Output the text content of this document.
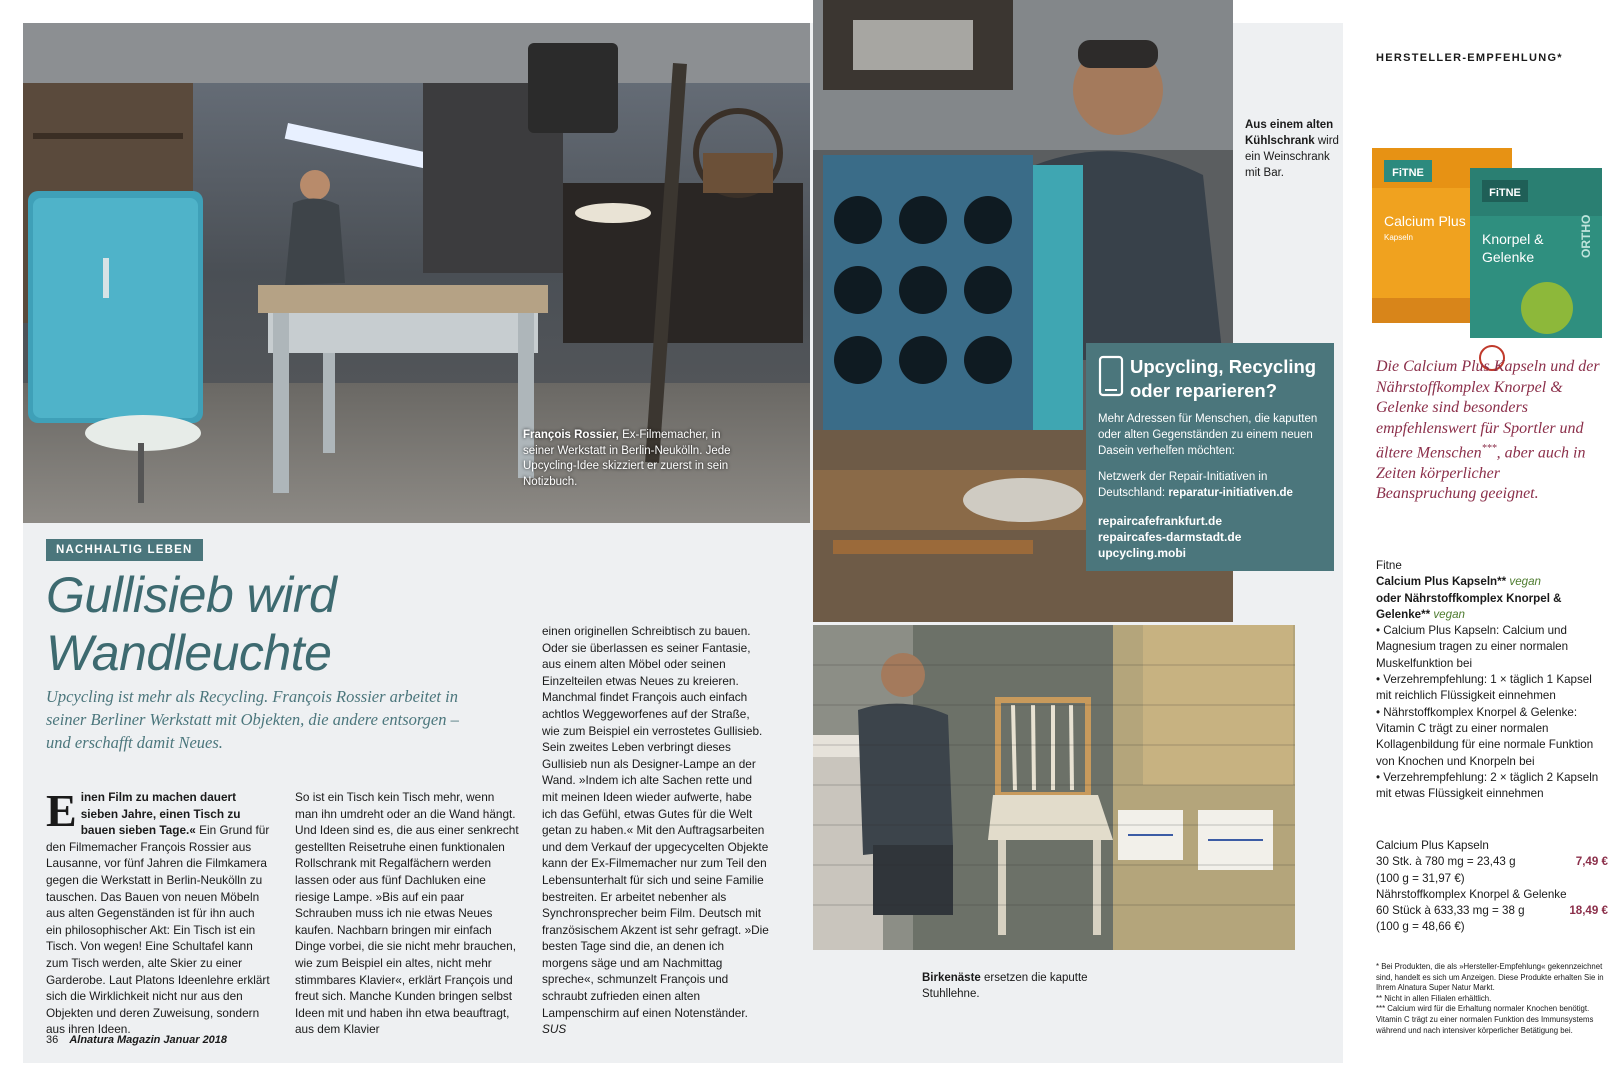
François Rossier, Ex-Filmemacher, in seiner Werkstatt in Berlin-Neukölln. Jede Upcycling-Idee skizziert er zuerst in sein Notizbuch.
Aus einem alten Kühlschrank wird ein Weinschrank mit Bar.
Upcycling, Recycling oder reparieren?

Mehr Adressen für Menschen, die kaputten oder alten Gegenständen zu einem neuen Dasein verhelfen möchten:

Netzwerk der Repair-Initiativen in Deutschland: reparatur-initiativen.de

repaircafefrankfurt.de
repaircafes-darmstadt.de
upcycling.mobi
Birkenäste ersetzen die kaputte Stuhllehne.
NACHHALTIG LEBEN
Gullisieb wird
Wandleuchte

Upcycling ist mehr als Recycling. François Rossier arbeitet in seiner Berliner Werkstatt mit Objekten, die andere entsorgen – und erschafft damit Neues.

Einen Film zu machen dauert sieben Jahre, einen Tisch zu bauen sieben Tage.« Ein Grund für den Filmemacher François Rossier aus Lausanne, vor fünf Jahren die Filmkamera gegen die Werkstatt in Berlin-Neukölln zu tauschen. Das Bauen von neuen Möbeln aus alten Gegenständen ist für ihn auch ein philosophischer Akt: Ein Tisch ist ein Tisch. Von wegen! Eine Schultafel kann zum Tisch werden, alte Skier zu einer Garderobe. Laut Platons Ideenlehre erklärt sich die Wirklichkeit nicht nur aus den Objekten und deren Zuweisung, sondern aus ihren Ideen.
So ist ein Tisch kein Tisch mehr, wenn man ihn umdreht oder an die Wand hängt. Und Ideen sind es, die aus einer senkrecht gestellten Reisetruhe einen funktionalen Rollschrank mit Regalfächern werden lassen oder aus fünf Dachluken eine riesige Lampe. »Bis auf ein paar Schrauben muss ich nie etwas Neues kaufen. Nachbarn bringen mir einfach Dinge vorbei, die sie nicht mehr brauchen, wie zum Beispiel ein altes, nicht mehr stimmbares Klavier«, erklärt François und freut sich. Manche Kunden bringen selbst Ideen mit und haben ihn etwa beauftragt, aus dem Klavier
einen originellen Schreibtisch zu bauen. Oder sie überlassen es seiner Fantasie, aus einem alten Möbel oder seinen Einzelteilen etwas Neues zu kreieren. Manchmal findet François auch einfach achtlos Weggeworfenes auf der Straße, wie zum Beispiel ein verrostetes Gullisieb. Sein zweites Leben verbringt dieses Gullisieb nun als Designer-Lampe an der Wand. »Indem ich alte Sachen rette und mit meinen Ideen wieder aufwerte, habe ich das Gefühl, etwas Gutes für die Welt getan zu haben.« Mit den Auftragsarbeiten und dem Verkauf der upgecycelten Objekte kann der Ex-Filmemacher nur zum Teil den Lebensunterhalt für sich und seine Familie bestreiten. Er arbeitet nebenher als Synchronsprecher beim Film. Deutsch mit französischem Akzent ist sehr gefragt. »Die besten Tage sind die, an denen ich morgens säge und am Nachmittag spreche«, schmunzelt François und schraubt zufrieden einen alten Lampenschirm auf einen Notenständer. SUS
36 Alnatura Magazin Januar 2018
HERSTELLER-EMPFEHLUNG*
FiTNE
Calcium Plus
Kapseln
FiTNE
Knorpel &
Gelenke	ORTHO
Die Calcium Plus Kapseln und der Nährstoffkomplex Knorpel & Gelenke sind besonders empfehlenswert für Sportler und ältere Menschen***, aber auch in Zeiten körperlicher Beanspruchung geeignet.
Fitne
Calcium Plus Kapseln** vegan
oder Nährstoffkomplex Knorpel & Gelenke** vegan
• Calcium Plus Kapseln: Calcium und Magnesium tragen zu einer normalen Muskelfunktion bei
• Verzehrempfehlung: 1 × täglich 1 Kapsel mit reichlich Flüssigkeit einnehmen
• Nährstoffkomplex Knorpel & Gelenke: Vitamin C trägt zu einer normalen Kollagenbildung für eine normale Funktion von Knochen und Knorpeln bei
• Verzehrempfehlung: 2 × täglich 2 Kapseln mit etwas Flüssigkeit einnehmen
Calcium Plus Kapseln
30 Stk. à 780 mg = 23,43 g	7,49 €
(100 g = 31,97 €)
Nährstoffkomplex Knorpel & Gelenke
60 Stück à 633,33 mg = 38 g	18,49 €
(100 g = 48,66 €)
* Bei Produkten, die als »Hersteller-Empfehlung« gekennzeichnet sind, handelt es sich um Anzeigen. Diese Produkte erhalten Sie in Ihrem Alnatura Super Natur Markt.
** Nicht in allen Filialen erhältlich.
*** Calcium wird für die Erhaltung normaler Knochen benötigt. Vitamin C trägt zu einer normalen Funktion des Immunsystems während und nach intensiver körperlicher Betätigung bei.
